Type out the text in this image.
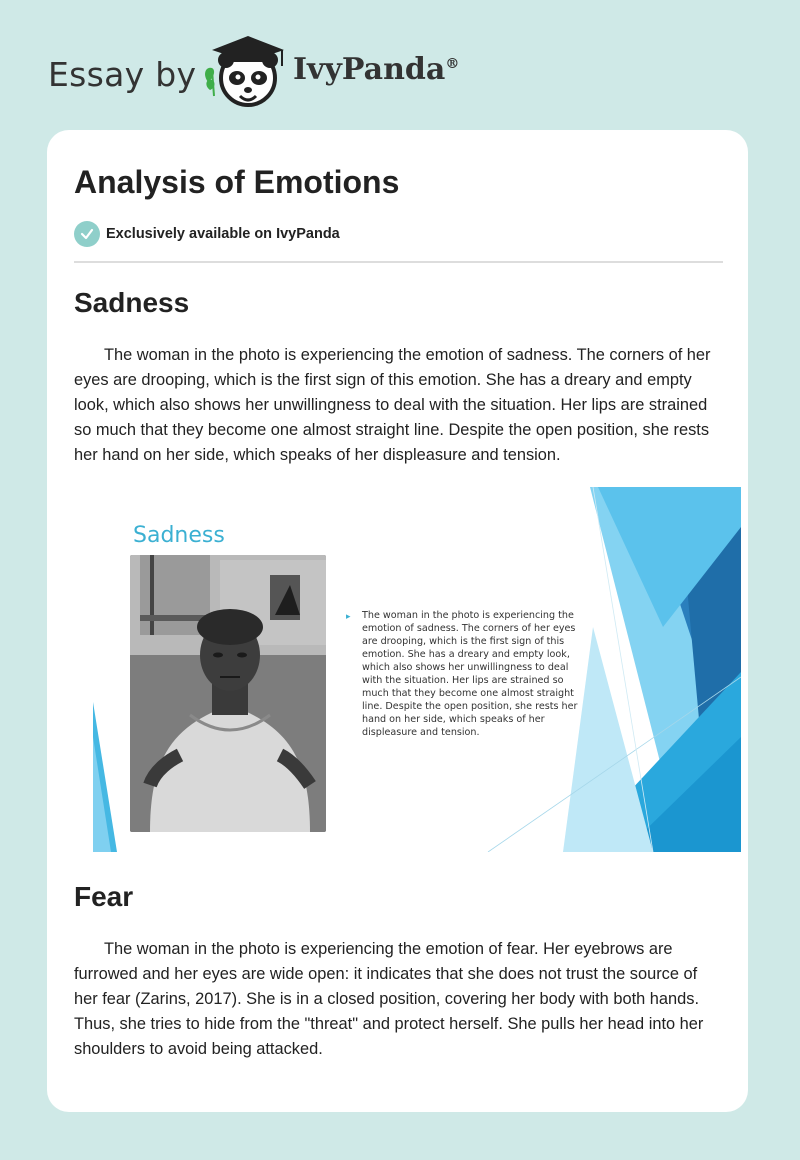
Essay by	IvyPanda®
Analysis of Emotions
Exclusively available on IvyPanda
Sadness

The woman in the photo is experiencing the emotion of sadness. The corners of her eyes are drooping, which is the first sign of this emotion. She has a dreary and empty look, which also shows her unwillingness to deal with the situation. Her lips are strained so much that they become one almost straight line. Despite the open position, she rests her hand on her side, which speaks of her displeasure and tension.

Sadness
▸ The woman in the photo is experiencing the emotion of sadness. The corners of her eyes are drooping, which is the first sign of this emotion. She has a dreary and empty look, which also shows her unwillingness to deal with the situation. Her lips are strained so much that they become one almost straight line. Despite the open position, she rests her hand on her side, which speaks of her displeasure and tension.

Fear

The woman in the photo is experiencing the emotion of fear. Her eyebrows are furrowed and her eyes are wide open: it indicates that she does not trust the source of her fear (Zarins, 2017). She is in a closed position, covering her body with both hands. Thus, she tries to hide from the "threat" and protect herself. She pulls her head into her shoulders to avoid being attacked.
